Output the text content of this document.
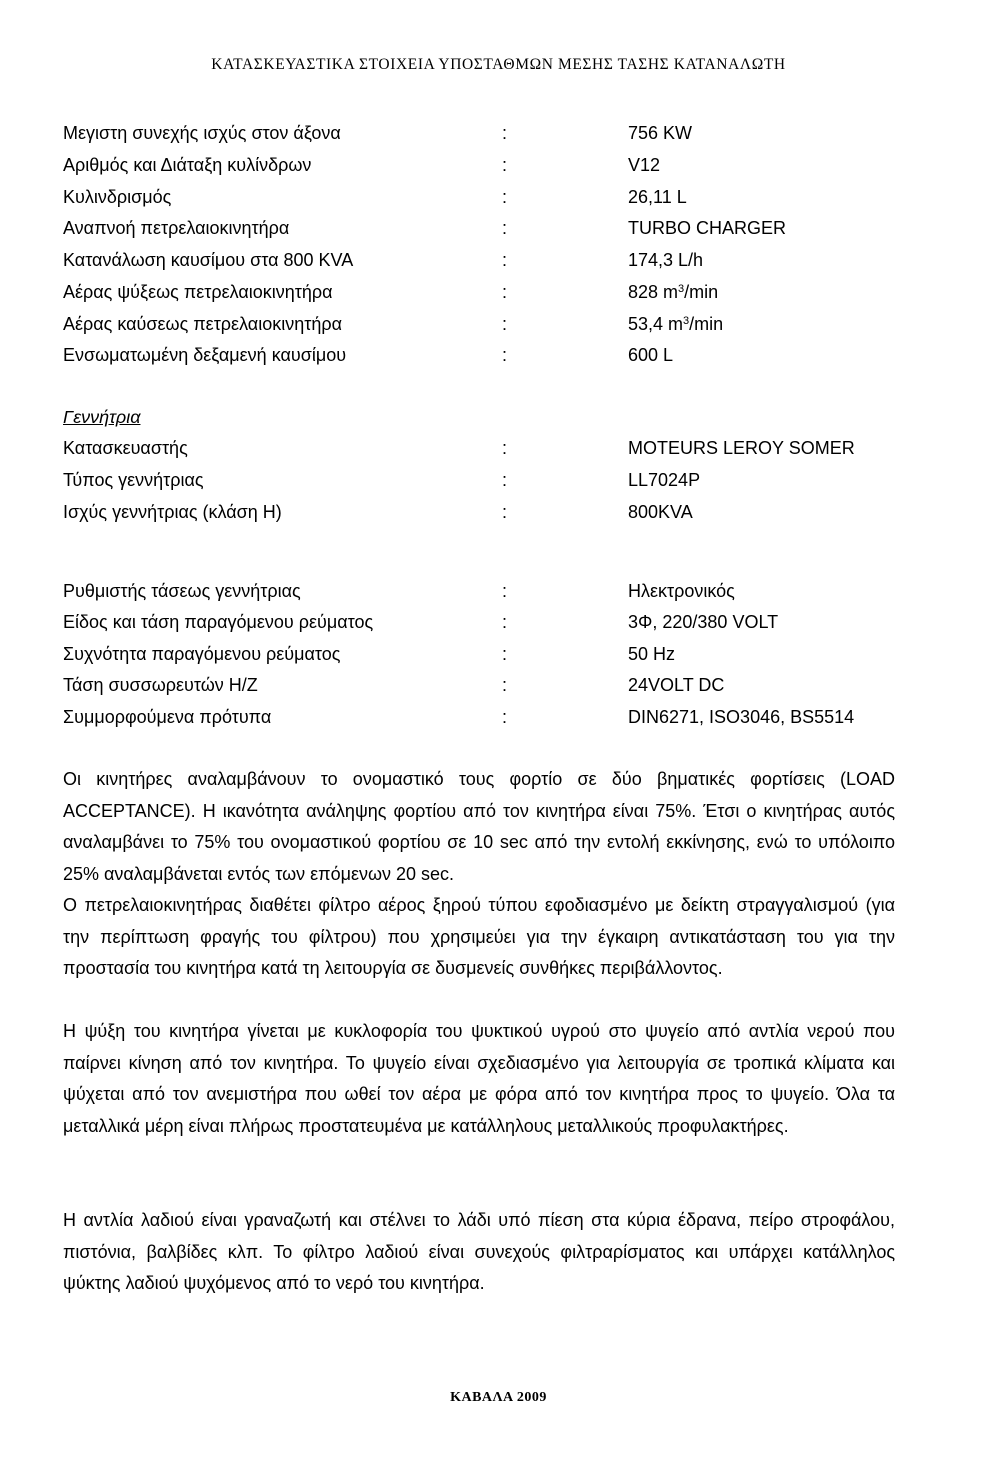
ΚΑΤΑΣΚΕΥΑΣΤΙΚΑ ΣΤΟΙΧΕΙΑ ΥΠΟΣΤΑΘΜΩΝ ΜΕΣΗΣ ΤΑΣΗΣ ΚΑΤΑΝΑΛΩΤΗ
Μεγιστη συνεχής ισχύς στον άξονα	:	756 KW
Αριθμός και Διάταξη κυλίνδρων	:	V12
Κυλινδρισμός	:	26,11 L
Αναπνοή πετρελαιοκινητήρα	:	TURBO CHARGER
Κατανάλωση καυσίμου στα 800 KVA	:	174,3 L/h
Αέρας ψύξεως πετρελαιοκινητήρα	:	828 $m^3/\min$
Αέρας καύσεως πετρελαιοκινητήρα	:	53,4 $m^3/\min$
Ενσωματωμένη δεξαμενή καυσίμου	:	600 L
Γεννήτρια
Κατασκευαστής	:	MOTEURS LEROY SOMER
Τύπος γεννήτριας	:	LL7024P
Ισχύς γεννήτριας (κλάση H)	:	800KVA
Ρυθμιστής τάσεως γεννήτριας	:	Ηλεκτρονικός
Είδος και τάση παραγόμενου ρεύματος	:	3Φ, 220/380 VOLT
Συχνότητα παραγόμενου ρεύματος	:	50 Hz
Τάση συσσωρευτών H/Z	:	24VOLT DC
Συμμορφούμενα πρότυπα	:	DIN6271, ISO3046, BS5514

Οι κινητήρες αναλαμβάνουν το ονομαστικό τους φορτίο σε δύο βηματικές φορτίσεις (LOAD ACCEPTANCE). Η ικανότητα ανάληψης φορτίου από τον κινητήρα είναι 75%. Έτσι ο κινητήρας αυτός αναλαμβάνει το 75% του ονομαστικού φορτίου σε 10 sec από την εντολή εκκίνησης, ενώ το υπόλοιπο 25% αναλαμβάνεται εντός των επόμενων 20 sec.

Ο πετρελαιοκινητήρας διαθέτει φίλτρο αέρος ξηρού τύπου εφοδιασμένο με δείκτη στραγγαλισμού (για την περίπτωση φραγής του φίλτρου) που χρησιμεύει για την έγκαιρη αντικατάσταση του για την προστασία του κινητήρα κατά τη λειτουργία σε δυσμενείς συνθήκες περιβάλλοντος.

Η ψύξη του κινητήρα γίνεται με κυκλοφορία του ψυκτικού υγρού στο ψυγείο από αντλία νερού που παίρνει κίνηση από τον κινητήρα. Το ψυγείο είναι σχεδιασμένο για λειτουργία σε τροπικά κλίματα και ψύχεται από τον ανεμιστήρα που ωθεί τον αέρα με φόρα από τον κινητήρα προς το ψυγείο. Όλα τα μεταλλικά μέρη είναι πλήρως προστατευμένα με κατάλληλους μεταλλικούς προφυλακτήρες.

Η αντλία λαδιού είναι γραναζωτή και στέλνει το λάδι υπό πίεση στα κύρια έδρανα, πείρο στροφάλου, πιστόνια, βαλβίδες κλπ. Το φίλτρο λαδιού είναι συνεχούς φιλτραρίσματος και υπάρχει κατάλληλος ψύκτης λαδιού ψυχόμενος από το νερό του κινητήρα.

ΚΑΒΑΛΑ 2009
